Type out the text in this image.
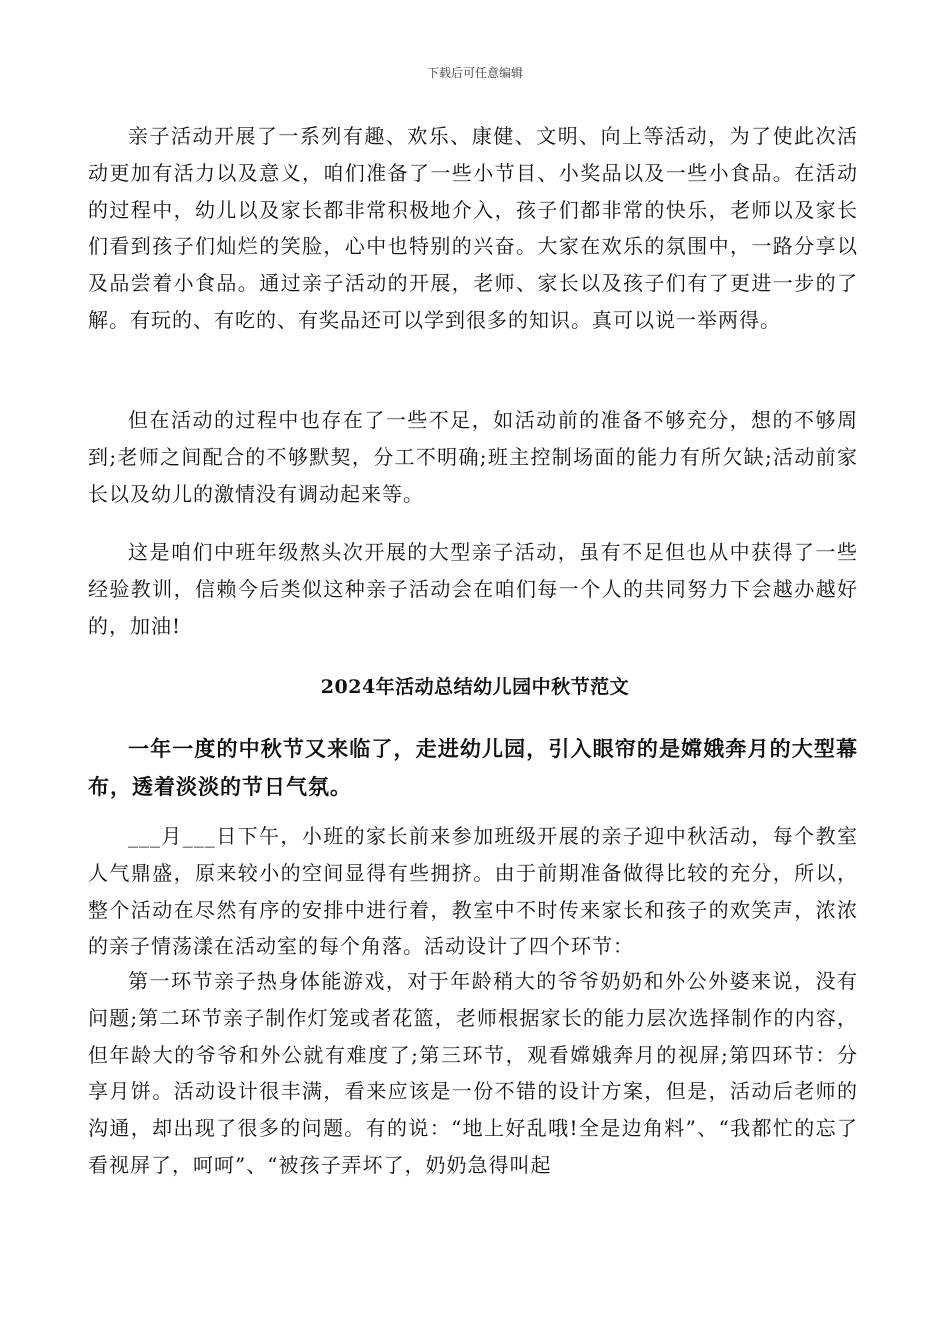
下载后可任意编辑

亲子活动开展了一系列有趣、欢乐、康健、文明、向上等活动，为了使此次活动更加有活力以及意义，咱们准备了一些小节目、小奖品以及一些小食品。在活动的过程中，幼儿以及家长都非常积极地介入，孩子们都非常的快乐，老师以及家长们看到孩子们灿烂的笑脸，心中也特别的兴奋。大家在欢乐的氛围中，一路分享以及品尝着小食品。通过亲子活动的开展，老师、家长以及孩子们有了更进一步的了解。有玩的、有吃的、有奖品还可以学到很多的知识。真可以说一举两得。

但在活动的过程中也存在了一些不足，如活动前的准备不够充分，想的不够周到;老师之间配合的不够默契，分工不明确;班主控制场面的能力有所欠缺;活动前家长以及幼儿的激情没有调动起来等。

这是咱们中班年级熬头次开展的大型亲子活动，虽有不足但也从中获得了一些经验教训，信赖今后类似这种亲子活动会在咱们每一个人的共同努力下会越办越好的，加油!

2024年活动总结幼儿园中秋节范文

一年一度的中秋节又来临了，走进幼儿园，引入眼帘的是嫦娥奔月的大型幕布，透着淡淡的节日气氛。

___月___日下午，小班的家长前来参加班级开展的亲子迎中秋活动，每个教室人气鼎盛，原来较小的空间显得有些拥挤。由于前期准备做得比较的充分，所以，整个活动在尽然有序的安排中进行着，教室中不时传来家长和孩子的欢笑声，浓浓的亲子情荡漾在活动室的每个角落。活动设计了四个环节：

第一环节亲子热身体能游戏，对于年龄稍大的爷爷奶奶和外公外婆来说，没有问题;第二环节亲子制作灯笼或者花篮，老师根据家长的能力层次选择制作的内容，但年龄大的爷爷和外公就有难度了;第三环节，观看嫦娥奔月的视屏;第四环节：分享月饼。活动设计很丰满，看来应该是一份不错的设计方案，但是，活动后老师的沟通，却出现了很多的问题。有的说：“地上好乱哦!全是边角料”、“我都忙的忘了看视屏了，呵呵”、“被孩子弄坏了，奶奶急得叫起
